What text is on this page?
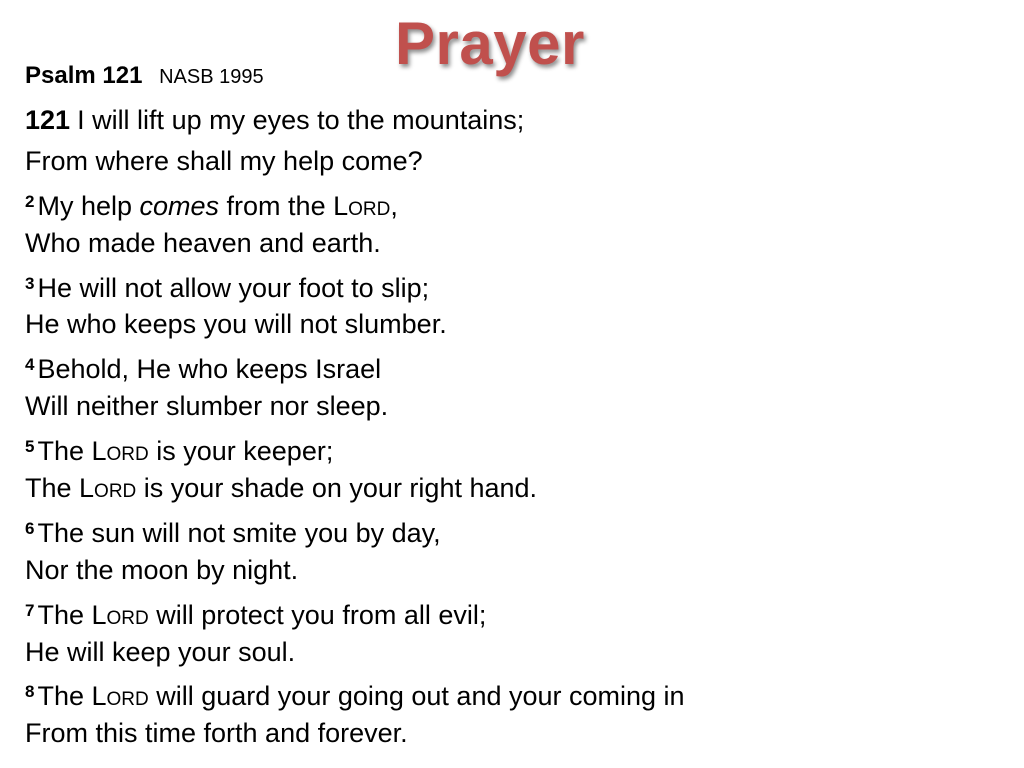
Prayer
Psalm 121 NASB 1995
121 I will lift up my eyes to the mountains;
From where shall my help come?
$^2$ My help comes from the Lord,
Who made heaven and earth.
$^3$ He will not allow your foot to slip;
He who keeps you will not slumber.
$^4$ Behold, He who keeps Israel
Will neither slumber nor sleep.
$^5$ The Lord is your keeper;
The Lord is your shade on your right hand.
$^6$ The sun will not smite you by day,
Nor the moon by night.
$^7$ The Lord will protect you from all evil;
He will keep your soul.
$^8$ The Lord will guard your going out and your coming in
From this time forth and forever.
